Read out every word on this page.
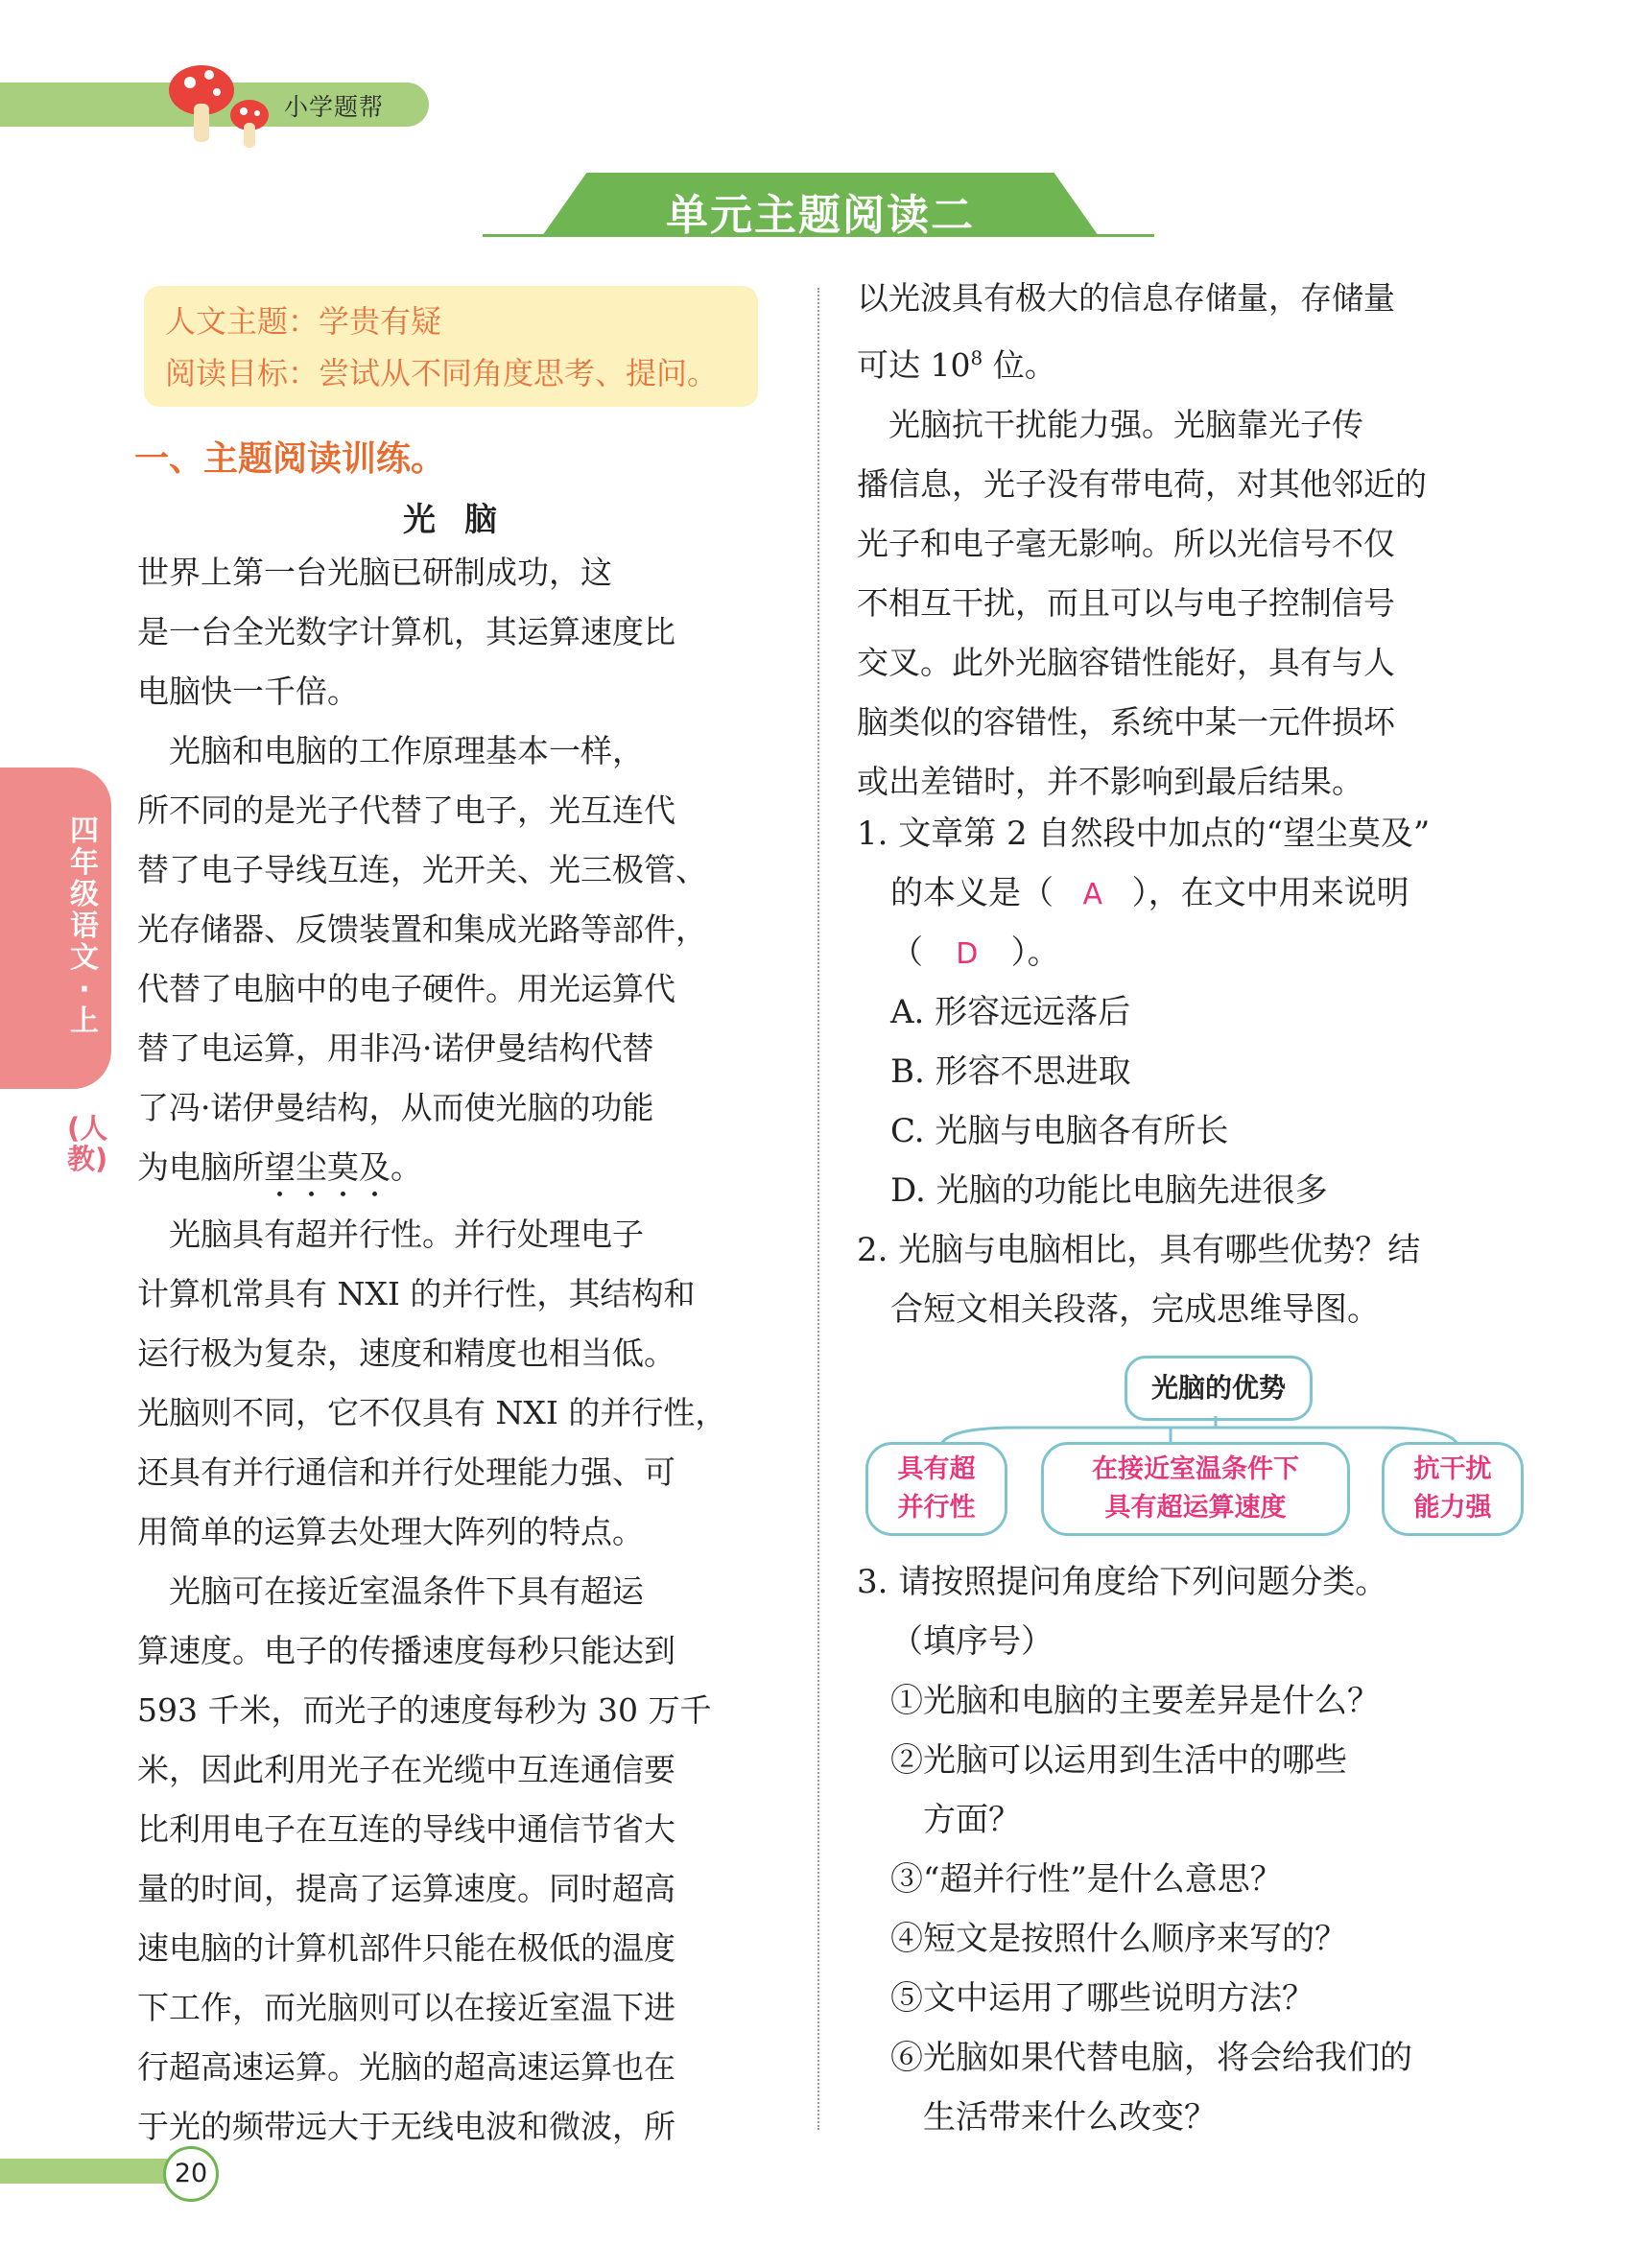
小学题帮
单元主题阅读二
四年级语文·上
(人教)
人文主题：学贵有疑
阅读目标：尝试从不同角度思考、提问。
一、主题阅读训练。
光脑

世界上第一台光脑已研制成功，这

是一台全光数字计算机，其运算速度比

电脑快一千倍。

　光脑和电脑的工作原理基本一样，

所不同的是光子代替了电子，光互连代

替了电子导线互连，光开关、光三极管、

光存储器、反馈装置和集成光路等部件，

代替了电脑中的电子硬件。用光运算代

替了电运算，用非冯·诺伊曼结构代替

了冯·诺伊曼结构，从而使光脑的功能

为电脑所望尘莫及。

　光脑具有超并行性。并行处理电子

计算机常具有 NXI 的并行性，其结构和

运行极为复杂，速度和精度也相当低。

光脑则不同，它不仅具有 NXI 的并行性，

还具有并行通信和并行处理能力强、可

用简单的运算去处理大阵列的特点。

　光脑可在接近室温条件下具有超运

算速度。电子的传播速度每秒只能达到

593 千米，而光子的速度每秒为 30 万千

米，因此利用光子在光缆中互连通信要

比利用电子在互连的导线中通信节省大

量的时间，提高了运算速度。同时超高

速电脑的计算机部件只能在极低的温度

下工作，而光脑则可以在接近室温下进

行超高速运算。光脑的超高速运算也在

于光的频带远大于无线电波和微波，所

以光波具有极大的信息存储量，存储量

可达 $10^8$ 位。

　光脑抗干扰能力强。光脑靠光子传

播信息，光子没有带电荷，对其他邻近的

光子和电子毫无影响。所以光信号不仅

不相互干扰，而且可以与电子控制信号

交叉。此外光脑容错性能好，具有与人

脑类似的容错性，系统中某一元件损坏

或出差错时，并不影响到最后结果。

1. 文章第 2 自然段中加点的“望尘莫及”
的本义是（ A ），在文中用来说明
（ D ）。
A. 形容远远落后
B. 形容不思进取
C. 光脑与电脑各有所长
D. 光脑的功能比电脑先进很多
2. 光脑与电脑相比，具有哪些优势？结
合短文相关段落，完成思维导图。
光脑的优势
具有超
并行性
在接近室温条件下
具有超运算速度
抗干扰
能力强
3. 请按照提问角度给下列问题分类。
（填序号）
①光脑和电脑的主要差异是什么？
②光脑可以运用到生活中的哪些
　方面？
③“超并行性”是什么意思？
④短文是按照什么顺序来写的？
⑤文中运用了哪些说明方法？
⑥光脑如果代替电脑，将会给我们的
　生活带来什么改变？
20
